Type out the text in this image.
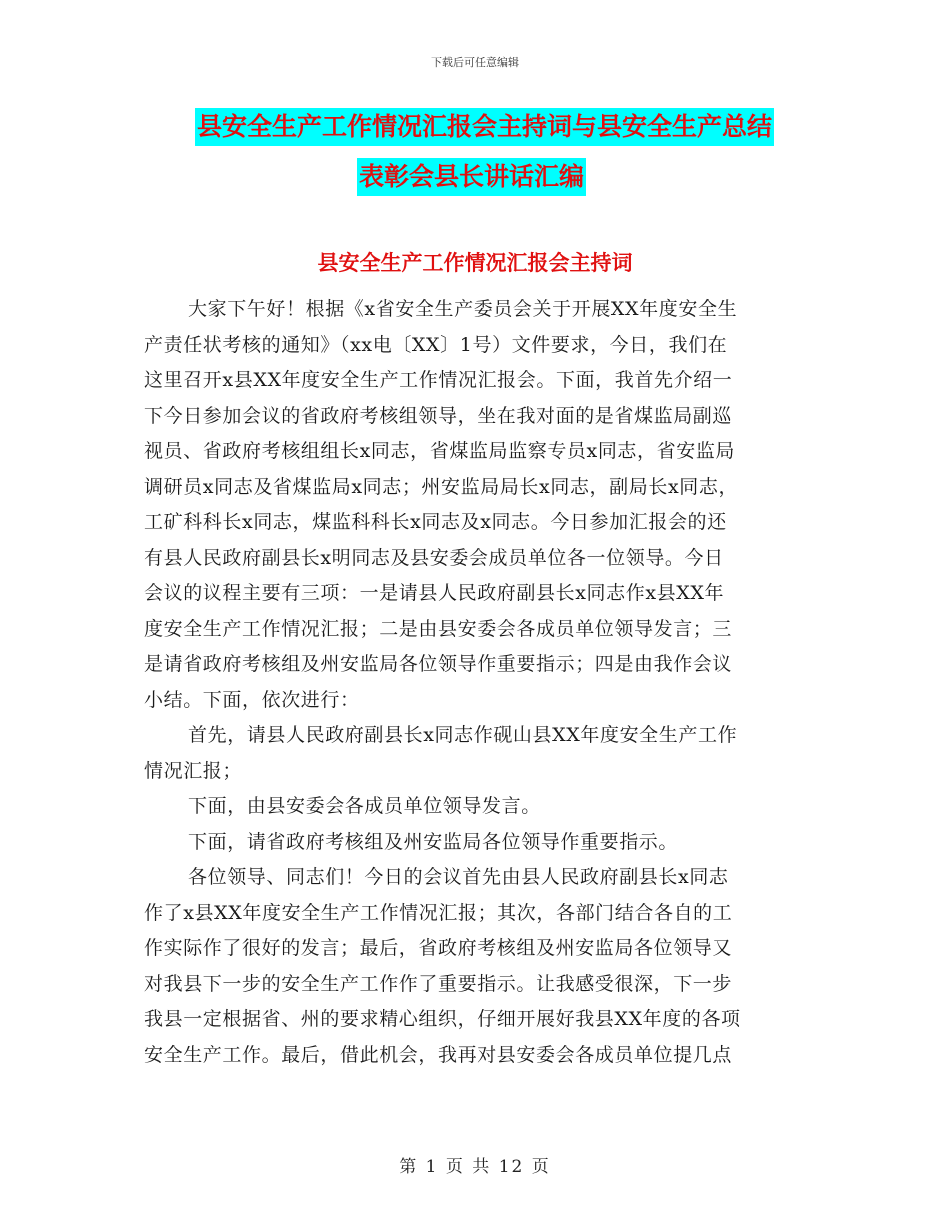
下载后可任意编辑
县安全生产工作情况汇报会主持词与县安全生产总结
表彰会县长讲话汇编
县安全生产工作情况汇报会主持词
大家下午好！根据《x省安全生产委员会关于开展XX年度安全生
产责任状考核的通知》（xx电〔XX〕1号）文件要求，今日，我们在
这里召开x县XX年度安全生产工作情况汇报会。下面，我首先介绍一
下今日参加会议的省政府考核组领导，坐在我对面的是省煤监局副巡
视员、省政府考核组组长x同志，省煤监局监察专员x同志，省安监局
调研员x同志及省煤监局x同志；州安监局局长x同志，副局长x同志，
工矿科科长x同志，煤监科科长x同志及x同志。今日参加汇报会的还
有县人民政府副县长x明同志及县安委会成员单位各一位领导。今日
会议的议程主要有三项：一是请县人民政府副县长x同志作x县XX年
度安全生产工作情况汇报；二是由县安委会各成员单位领导发言；三
是请省政府考核组及州安监局各位领导作重要指示；四是由我作会议
小结。下面，依次进行：
首先，请县人民政府副县长x同志作砚山县XX年度安全生产工作
情况汇报；
下面，由县安委会各成员单位领导发言。
下面，请省政府考核组及州安监局各位领导作重要指示。
各位领导、同志们！今日的会议首先由县人民政府副县长x同志
作了x县XX年度安全生产工作情况汇报；其次，各部门结合各自的工
作实际作了很好的发言；最后，省政府考核组及州安监局各位领导又
对我县下一步的安全生产工作作了重要指示。让我感受很深，下一步
我县一定根据省、州的要求精心组织，仔细开展好我县XX年度的各项
安全生产工作。最后，借此机会，我再对县安委会各成员单位提几点
第 1 页 共 12 页
